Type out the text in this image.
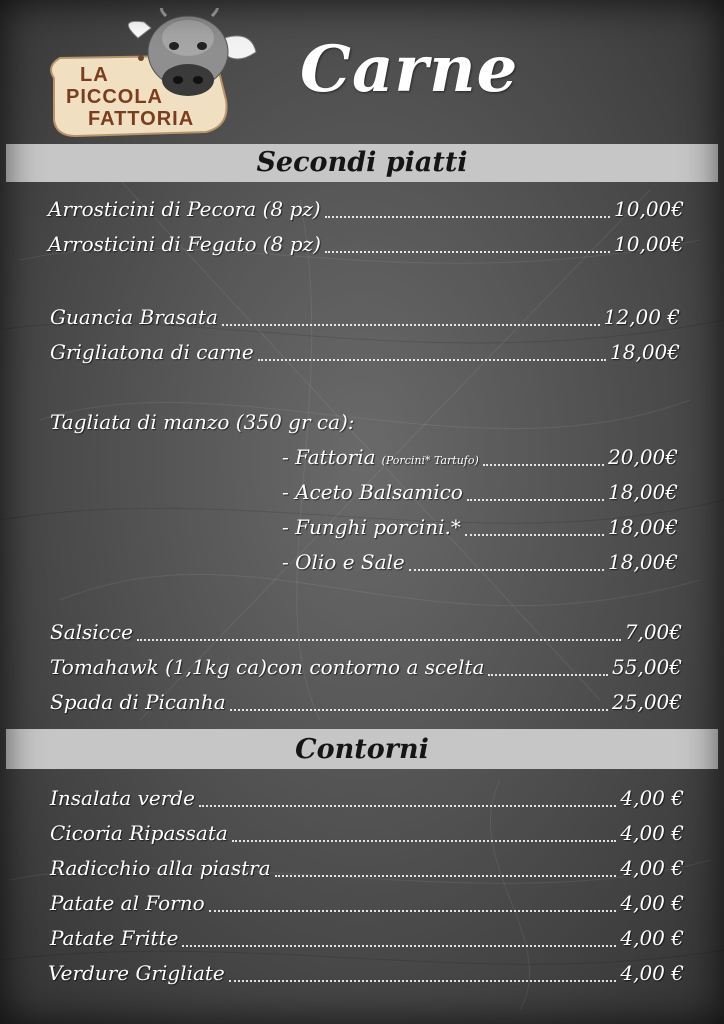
LA
PICCOLA
FATTORIA
Carne
Secondi piatti
Arrosticini di Pecora (8 pz)	10,00€
Arrosticini di Fegato (8 pz)	10,00€
Guancia Brasata	12,00 €
Grigliatona di carne	18,00€
Tagliata di manzo (350 gr ca):
- Fattoria (Porcini* Tartufo)	20,00€
- Aceto Balsamico	18,00€
- Funghi porcini.*	18,00€
- Olio e Sale	18,00€
Salsicce	7,00€
Tomahawk (1,1kg ca)con contorno a scelta	55,00€
Spada di Picanha	25,00€
Contorni
Insalata verde	4,00 €
Cicoria Ripassata	4,00 €
Radicchio alla piastra	4,00 €
Patate al Forno	4,00 €
Patate Fritte	4,00 €
Verdure Grigliate	4,00 €
